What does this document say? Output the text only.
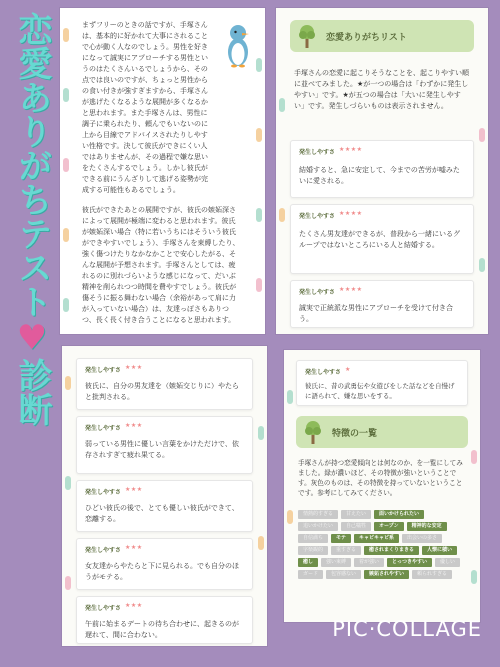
恋愛ありがちテスト♥診断

まずフリーのときの話ですが、手塚さんは、基本的に好かれて大事にされることで心が動く人なのでしょう。男性を好きになって誠実にアプローチする男性というのはたくさんいるでしょうから、その点では良いのですが、ちょっと男性からの食い付きが強すぎますから、手塚さんが逃げたくなるような展開が多くなるかと思われます。また手塚さんは、男性に調子に乗られたり、頼んでもいないのに上から目線でアドバイスされたりしやすい性格です。決して彼氏ができにくい人ではありませんが、その過程で嫌な思いをたくさんするでしょう。しかし彼氏ができる前にうんざりして逃げる姿勢が完成する可能性もあるでしょう。

彼氏ができたあとの展開ですが、彼氏の嫉妬深さによって展開が極端に変わると思われます。彼氏が嫉妬深い場合（特に若いうちにはそういう彼氏ができやすいでしょう）、手塚さんを束縛したり、強く傷つけたりなかなかことで安心したがる、そんな展開が予想されます。手塚さんとしては、疲れるのに別れづらいような感じになって、だいぶ精神を削られつつ時間を費やすでしょう。彼氏が傷そうに振る舞わない場合（余裕があって肩に力が入っていない場合）は、友達っぽさもありつつ、長く長く付き合うことになると思われます。

恋愛ありがちリスト
手塚さんの恋愛に起こりそうなことを、起こりやすい順に並べてみました。★が一つの場合は「わずかに発生しやすい」です。★が五つの場合は「大いに発生しやすい」です。発生しづらいものは表示されません。
発生しやすさ ★★★★
結婚すると、急に安定して、今までの苦労が嘘みたいに愛される。
発生しやすさ ★★★★
たくさん男友達ができるが、普段から一緒にいるグループではないところにいる人と結婚する。
発生しやすさ ★★★★
誠実で正統派な男性にアプローチを受けて付き合う。
発生しやすさ ★★★
彼氏に、自分の男友達を（嫉妬交じりに）やたらと批判される。
発生しやすさ ★★★
弱っている男性に優しい言葉をかけただけで、依存されすぎて疲れ果てる。
発生しやすさ ★★★
ひどい彼氏の後で、とても優しい彼氏ができて、恋離する。
発生しやすさ ★★★
女友達からやたらと下に見られる。でも自分のほうがモテる。
発生しやすさ ★★★
午前に始まるデートの待ち合わせに、起きるのが遅れて、間に合わない。
発生しやすさ ★
彼氏に、昔の武勇伝や女遊びをした話などを自慢げに語られて、嫌な思いをする。
特徴の一覧
手塚さんが持つ恋愛傾向とは何なのか、を一覧にしてみました。緑が濃いほど、その特徴が強いということです。灰色のものは、その特徴を持っていないということです。参考にしてみてください。
情熱的すぎる	甘えたい	面いかけられたい
追いかけたい	自己犠牲	オープン	精神的な安定
自信満ち	モテ	キャピキャピ系	出会いの多さ
字楽観的	重すぎる	癒されまくりまきる	人懐に積い
癒し	強い束縛	着が強い	とっつきやすい	優しい
ガード	包容感ない	嫉妬されやすい	頼られすぎる
PIC·COLLAGE
